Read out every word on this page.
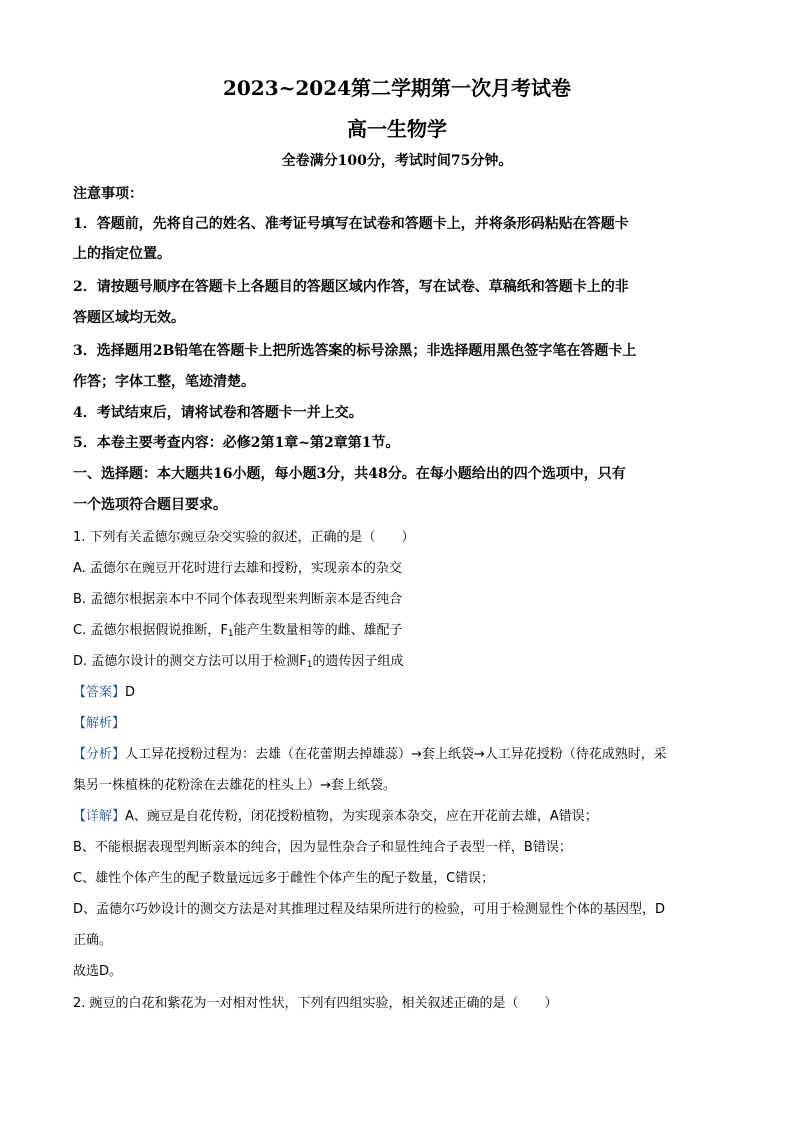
2023~2024第二学期第一次月考试卷
高一生物学
全卷满分100分，考试时间75分钟。
注意事项：
1．答题前，先将自己的姓名、准考证号填写在试卷和答题卡上，并将条形码粘贴在答题卡
上的指定位置。
2．请按题号顺序在答题卡上各题目的答题区域内作答，写在试卷、草稿纸和答题卡上的非
答题区域均无效。
3．选择题用2B铅笔在答题卡上把所选答案的标号涂黑；非选择题用黑色签字笔在答题卡上
作答；字体工整，笔迹清楚。
4．考试结束后，请将试卷和答题卡一并上交。
5．本卷主要考查内容：必修2第1章~第2章第1节。
一、选择题：本大题共16小题，每小题3分，共48分。在每小题给出的四个选项中，只有
一个选项符合题目要求。
1. 下列有关孟德尔豌豆杂交实验的叙述，正确的是（　　）
A. 孟德尔在豌豆开花时进行去雄和授粉，实现亲本的杂交
B. 孟德尔根据亲本中不同个体表现型来判断亲本是否纯合
C. 孟德尔根据假说推断，$F_1$能产生数量相等的雌、雄配子
D. 孟德尔设计的测交方法可以用于检测$F_1$的遗传因子组成
【答案】D
【解析】
【分析】人工异花授粉过程为：去雄（在花蕾期去掉雄蕊）→套上纸袋→人工异花授粉（待花成熟时，采
集另一株植株的花粉涂在去雄花的柱头上）→套上纸袋。
【详解】A、豌豆是自花传粉，闭花授粉植物，为实现亲本杂交，应在开花前去雄，A错误；
B、不能根据表现型判断亲本的纯合，因为显性杂合子和显性纯合子表型一样，B错误；
C、雄性个体产生的配子数量远远多于雌性个体产生的配子数量，C错误；
D、孟德尔巧妙设计的测交方法是对其推理过程及结果所进行的检验，可用于检测显性个体的基因型，D
正确。
故选D。
2. 豌豆的白花和紫花为一对相对性状，下列有四组实验，相关叙述正确的是（　　）
